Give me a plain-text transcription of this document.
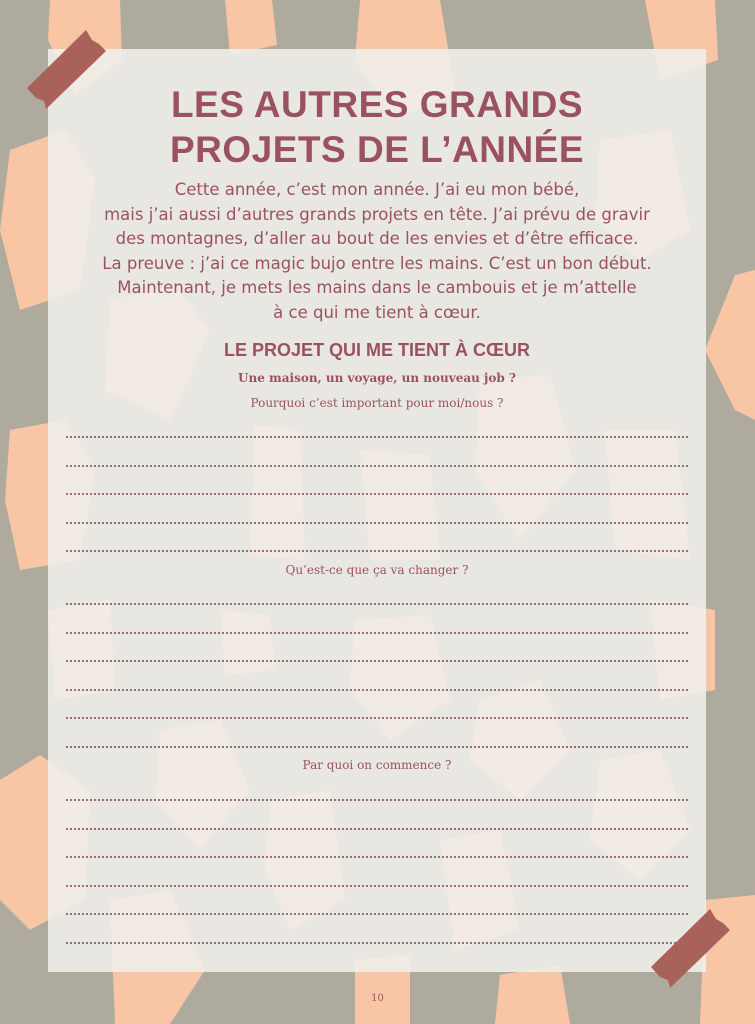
LES AUTRES GRANDS
PROJETS DE L’ANNÉE

Cette année, c’est mon année. J’ai eu mon bébé,
mais j’ai aussi d’autres grands projets en tête. J’ai prévu de gravir
des montagnes, d’aller au bout de les envies et d’être efficace.
La preuve : j’ai ce magic bujo entre les mains. C’est un bon début.
Maintenant, je mets les mains dans le cambouis et je m’attelle
à ce qui me tient à cœur.

LE PROJET QUI ME TIENT À CŒUR
Une maison, un voyage, un nouveau job ?
Pourquoi c’est important pour moi/nous ?
Qu’est-ce que ça va changer ?
Par quoi on commence ?
10
